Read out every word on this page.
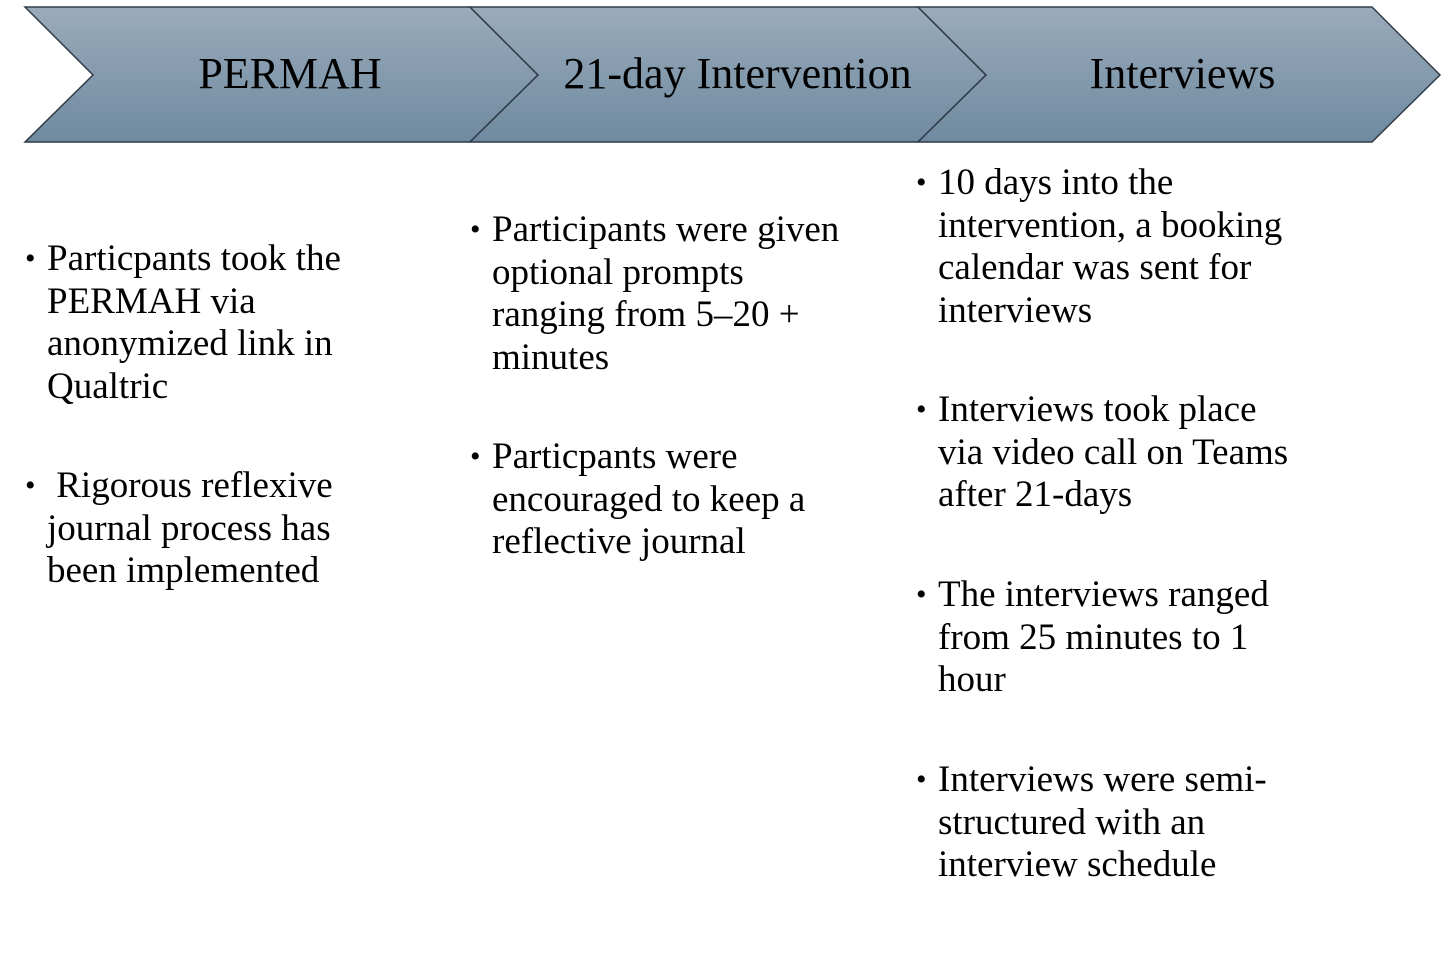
PERMAH	21-day Intervention	Interviews
• Particpants took the
PERMAH via
anonymized link in
Qualtric
• Rigorous reflexive
journal process has
been implemented
• Participants were given
optional prompts
ranging from 5–20 +
minutes
• Particpants were
encouraged to keep a
reflective journal
• 10 days into the
intervention, a booking
calendar was sent for
interviews
• Interviews took place
via video call on Teams
after 21-days
• The interviews ranged
from 25 minutes to 1
hour
• Interviews were semi-
structured with an
interview schedule
